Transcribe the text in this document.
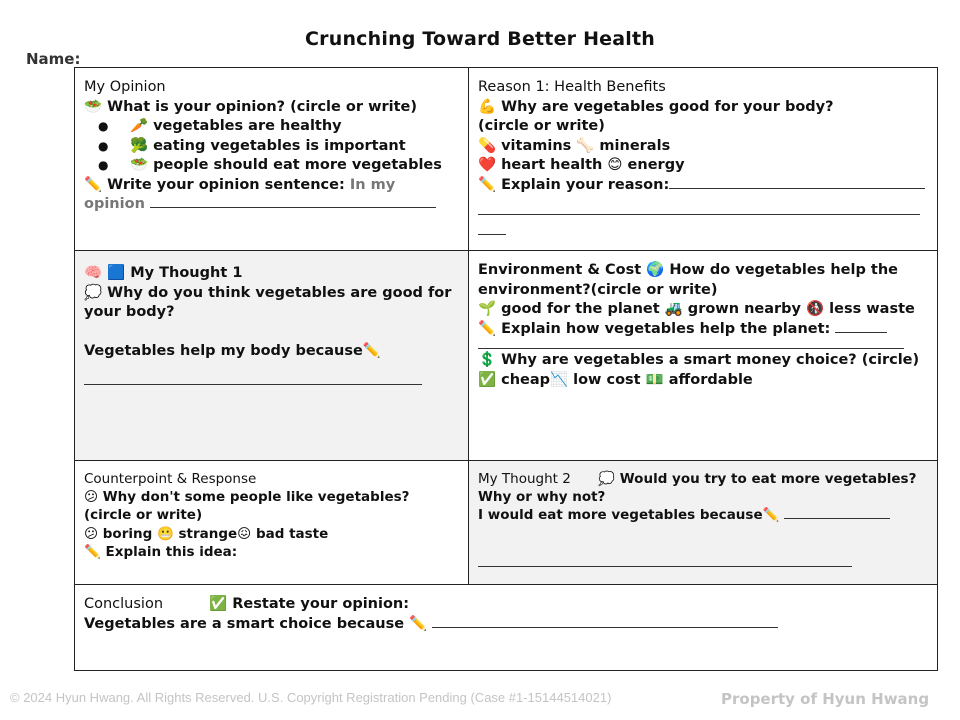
Crunching Toward Better Health
Name:
My Opinion
🥗 What is your opinion? (circle or write)
● 🥕 vegetables are healthy
● 🥦 eating vegetables is important
● 🥗 people should eat more vegetables
✏️ Write your opinion sentence: In my
opinion
Reason 1: Health Benefits
💪 Why are vegetables good for your body?
(circle or write)
💊 vitamins 🦴 minerals
❤️ heart health 😊 energy
✏️ Explain your reason:
🧠 🟦 My Thought 1
💭 Why do you think vegetables are good for your body?
Vegetables help my body because✏️
Environment & Cost 🌍 How do vegetables help the environment?(circle or write)
🌱 good for the planet 🚜 grown nearby 🚯 less waste
✏️ Explain how vegetables help the planet:
💲 Why are vegetables a smart money choice? (circle)
✅ cheap📉 low cost 💵 affordable
Counterpoint & Response
😕 Why don't some people like vegetables?
(circle or write)
😕 boring 😬 strange😖 bad taste
✏️ Explain this idea:
My Thought 2 💭 Would you try to eat more vegetables?
Why or why not?
I would eat more vegetables because✏️
Conclusion	✅ Restate your opinion:
Vegetables are a smart choice because ✏️
© 2024 Hyun Hwang. All Rights Reserved. U.S. Copyright Registration Pending (Case #1-15144514021)	Property of Hyun Hwang
